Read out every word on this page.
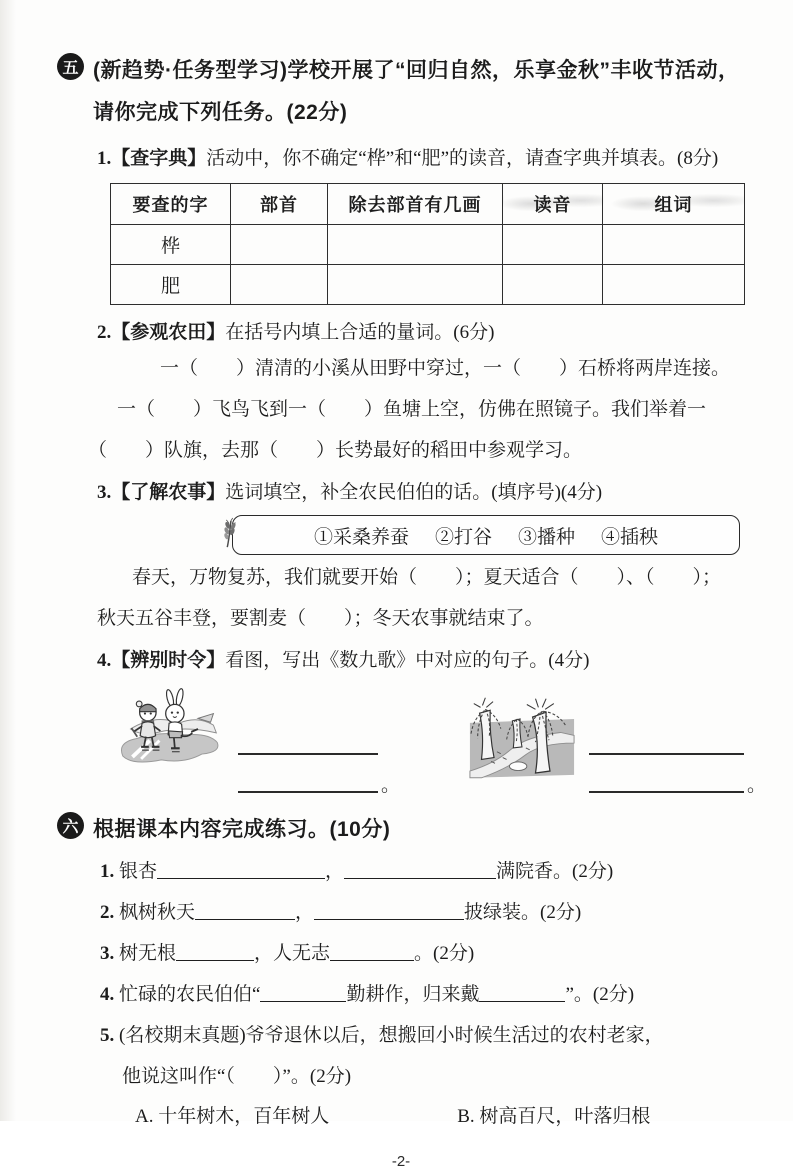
五 (新趋势·任务型学习)学校开展了“回归自然，乐享金秋”丰收节活动，
请你完成下列任务。(22分)
1.【查字典】活动中，你不确定“桦”和“肥”的读音，请查字典并填表。(8分)
要查的字	部首	除去部首有几画	读音	组词
桦				
肥				
2.【参观农田】在括号内填上合适的量词。(6分)
一（　　）清清的小溪从田野中穿过，一（　　）石桥将两岸连接。
一（　　）飞鸟飞到一（　　）鱼塘上空，仿佛在照镜子。我们举着一
（　　）队旗，去那（　　）长势最好的稻田中参观学习。
3.【了解农事】选词填空，补全农民伯伯的话。(填序号)(4分)
①采桑养蚕 ②打谷 ③播种 ④插秧
春天，万物复苏，我们就要开始（　　）；夏天适合（　　）、（　　）；
秋天五谷丰登，要割麦（　　）；冬天农事就结束了。
4.【辨别时令】看图，写出《数九歌》中对应的句子。(4分)
。	。
六 根据课本内容完成练习。(10分)
1. 银杏	，	满院香。(2分)
2. 枫树秋天	，	披绿装。(2分)
3. 树无根	，人无志	。(2分)
4. 忙碌的农民伯伯“	勤耕作，归来戴	”。(2分)
5. (名校期末真题)爷爷退休以后，想搬回小时候生活过的农村老家，
他说这叫作“（　　）”。(2分)
A. 十年树木，百年树人	B. 树高百尺，叶落归根
-2-
